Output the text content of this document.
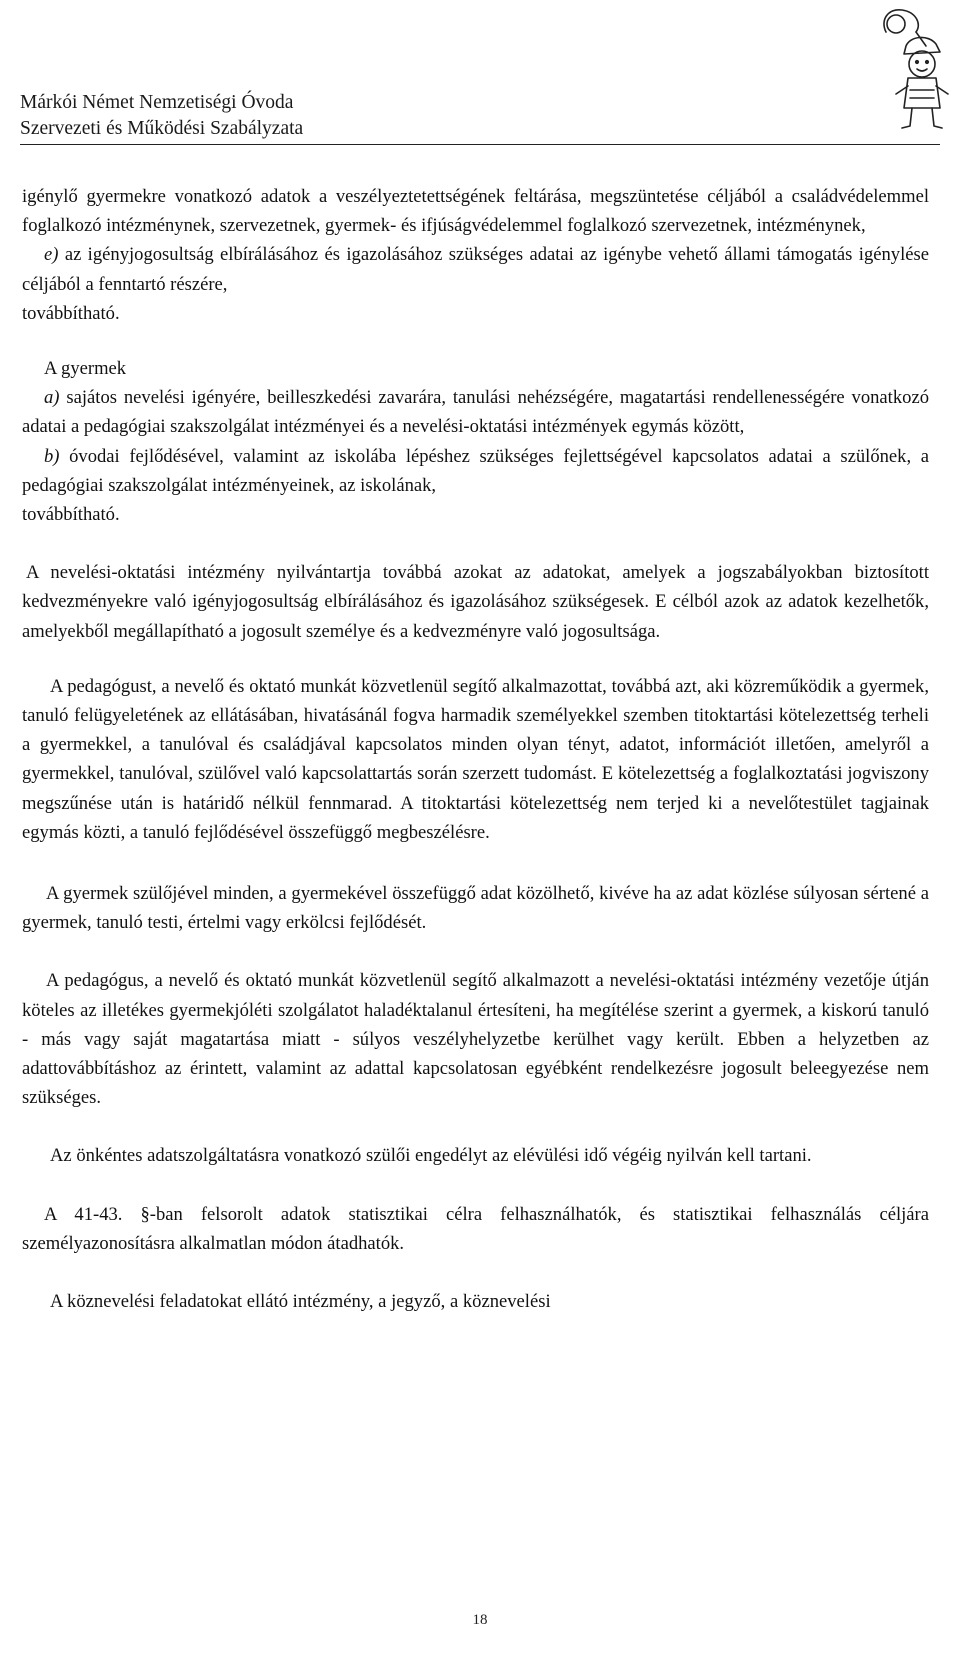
Márkói Német Nemzetiségi Óvoda
Szervezeti és Működési Szabályzata

igénylő gyermekre vonatkozó adatok a veszélyeztetettségének feltárása, megszüntetése céljából a családvédelemmel foglalkozó intézménynek, szervezetnek, gyermek- és ifjúságvédelemmel foglalkozó szervezetnek, intézménynek,

e) az igényjogosultság elbírálásához és igazolásához szükséges adatai az igénybe vehető állami támogatás igénylése céljából a fenntartó részére,

továbbítható.

A gyermek

a) sajátos nevelési igényére, beilleszkedési zavarára, tanulási nehézségére, magatartási rendellenességére vonatkozó adatai a pedagógiai szakszolgálat intézményei és a nevelési-oktatási intézmények egymás között,

b) óvodai fejlődésével, valamint az iskolába lépéshez szükséges fejlettségével kapcsolatos adatai a szülőnek, a pedagógiai szakszolgálat intézményeinek, az iskolának,

továbbítható.

A nevelési-oktatási intézmény nyilvántartja továbbá azokat az adatokat, amelyek a jogszabályokban biztosított kedvezményekre való igényjogosultság elbírálásához és igazolásához szükségesek. E célból azok az adatok kezelhetők, amelyekből megállapítható a jogosult személye és a kedvezményre való jogosultsága.

A pedagógust, a nevelő és oktató munkát közvetlenül segítő alkalmazottat, továbbá azt, aki közreműködik a gyermek, tanuló felügyeletének az ellátásában, hivatásánál fogva harmadik személyekkel szemben titoktartási kötelezettség terheli a gyermekkel, a tanulóval és családjával kapcsolatos minden olyan tényt, adatot, információt illetően, amelyről a gyermekkel, tanulóval, szülővel való kapcsolattartás során szerzett tudomást. E kötelezettség a foglalkoztatási jogviszony megszűnése után is határidő nélkül fennmarad. A titoktartási kötelezettség nem terjed ki a nevelőtestület tagjainak egymás közti, a tanuló fejlődésével összefüggő megbeszélésre.

A gyermek szülőjével minden, a gyermekével összefüggő adat közölhető, kivéve ha az adat közlése súlyosan sértené a gyermek, tanuló testi, értelmi vagy erkölcsi fejlődését.

A pedagógus, a nevelő és oktató munkát közvetlenül segítő alkalmazott a nevelési-oktatási intézmény vezetője útján köteles az illetékes gyermekjóléti szolgálatot haladéktalanul értesíteni, ha megítélése szerint a gyermek, a kiskorú tanuló - más vagy saját magatartása miatt - súlyos veszélyhelyzetbe kerülhet vagy került. Ebben a helyzetben az adattovábbításhoz az érintett, valamint az adattal kapcsolatosan egyébként rendelkezésre jogosult beleegyezése nem szükséges.

Az önkéntes adatszolgáltatásra vonatkozó szülői engedélyt az elévülési idő végéig nyilván kell tartani.

A 41-43. §-ban felsorolt adatok statisztikai célra felhasználhatók, és statisztikai felhasználás céljára személyazonosításra alkalmatlan módon átadhatók.

A köznevelési feladatokat ellátó intézmény, a jegyző, a köznevelési

18
